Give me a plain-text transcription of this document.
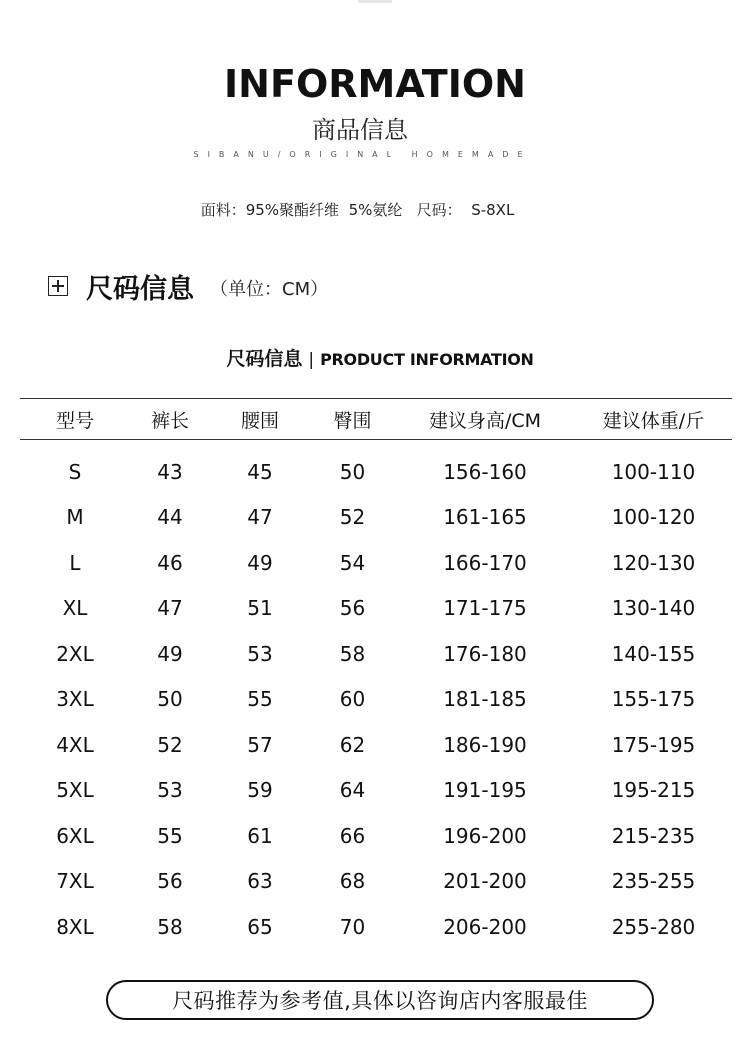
INFORMATION
商品信息
SIBANU/ORIGINAL HOMEMADE
面料：95%聚酯纤维  5%氨纶   尺码：  S-8XL
尺码信息 （单位：CM）
尺码信息 | PRODUCT INFORMATION
型号	裤长	腰围	臀围	建议身高/CM	建议体重/斤
S	43	45	50	156-160	100-110
M	44	47	52	161-165	100-120
L	46	49	54	166-170	120-130
XL	47	51	56	171-175	130-140
2XL	49	53	58	176-180	140-155
3XL	50	55	60	181-185	155-175
4XL	52	57	62	186-190	175-195
5XL	53	59	64	191-195	195-215
6XL	55	61	66	196-200	215-235
7XL	56	63	68	201-200	235-255
8XL	58	65	70	206-200	255-280
尺码推荐为参考值,具体以咨询店内客服最佳
